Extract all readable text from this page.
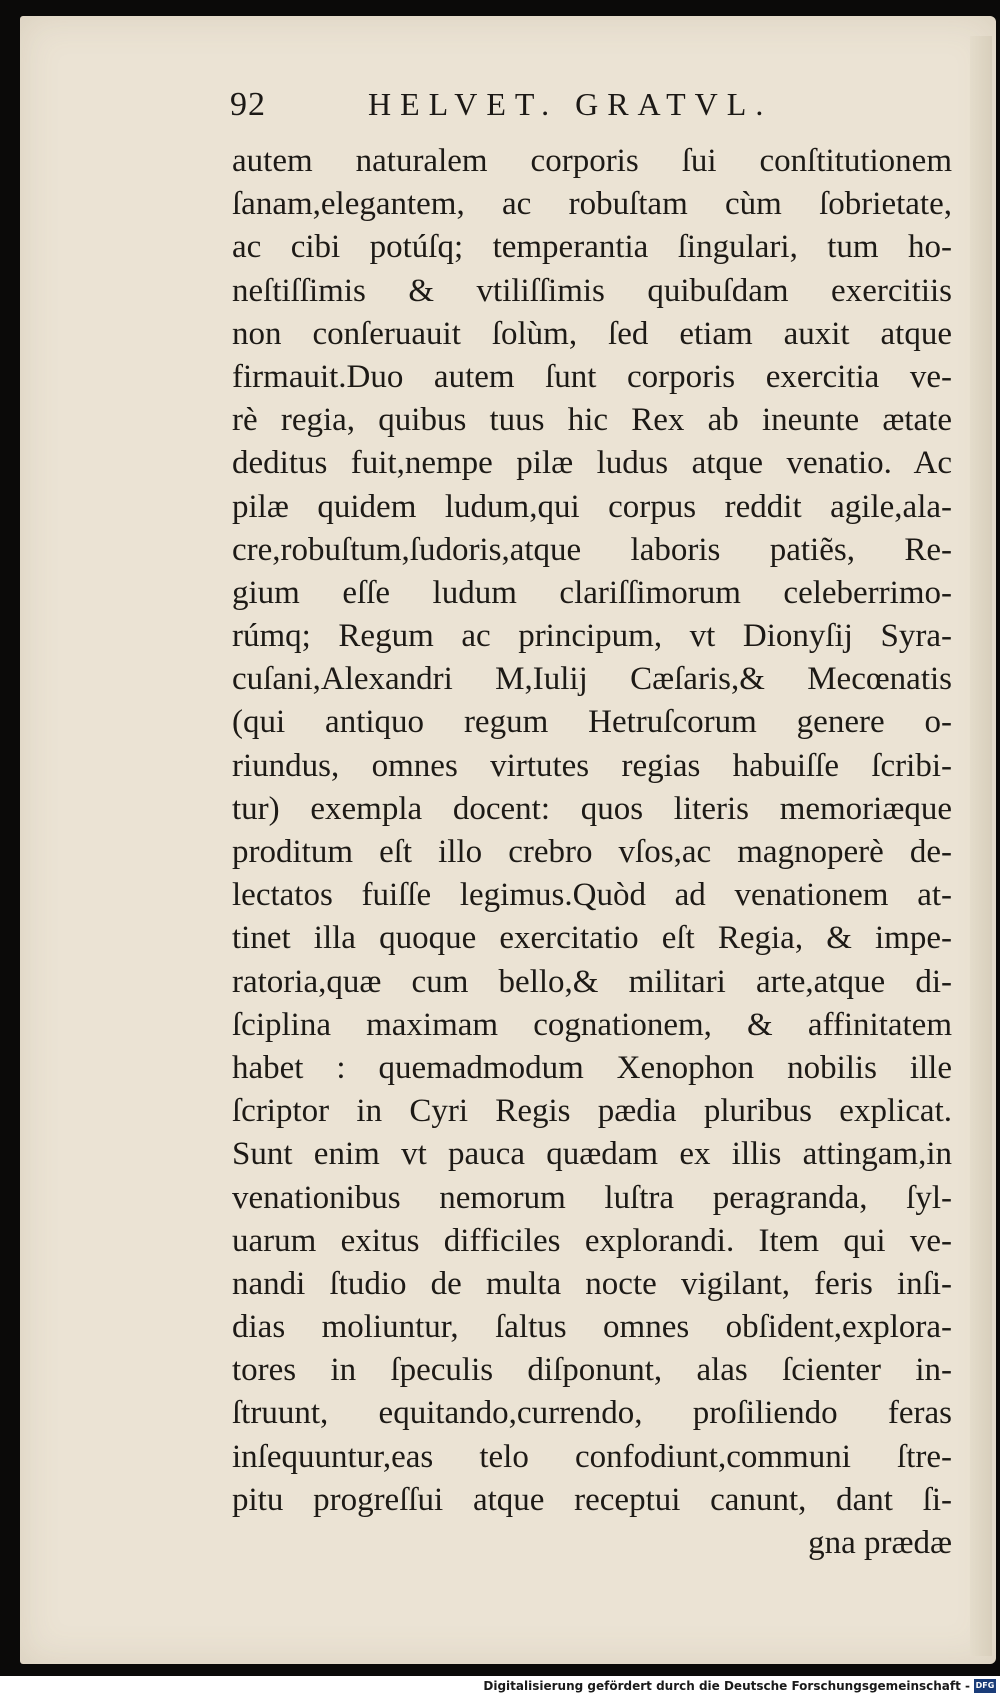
92	HELVET. GRATVL.
autem naturalem corporis ſui conſtitutionem
ſanam,elegantem, ac robuſtam cùm ſobrietate,
ac cibi potúſq; temperantia ſingulari, tum ho-
neſtiſſimis & vtiliſſimis quibuſdam exercitiis
non conſeruauit ſolùm, ſed etiam auxit atque
firmauit.Duo autem ſunt corporis exercitia ve-
rè regia, quibus tuus hic Rex ab ineunte ætate
deditus fuit,nempe pilæ ludus atque venatio. Ac
pilæ quidem ludum,qui corpus reddit agile,ala-
cre,robuſtum,ſudoris,atque laboris patiẽs, Re-
gium eſſe ludum clariſſimorum celeberrimo-
rúmq; Regum ac principum, vt Dionyſij Syra-
cuſani,Alexandri M,Iulij Cæſaris,& Mecœnatis
(qui antiquo regum Hetruſcorum genere o-
riundus, omnes virtutes regias habuiſſe ſcribi-
tur) exempla docent: quos literis memoriæque
proditum eſt illo crebro vſos,ac magnoperè de-
lectatos fuiſſe legimus.Quòd ad venationem at-
tinet illa quoque exercitatio eſt Regia, & impe-
ratoria,quæ cum bello,& militari arte,atque di-
ſciplina maximam cognationem, & affinitatem
habet : quemadmodum Xenophon nobilis ille
ſcriptor in Cyri Regis pædia pluribus explicat.
Sunt enim vt pauca quædam ex illis attingam,in
venationibus nemorum luſtra peragranda, ſyl-
uarum exitus difficiles explorandi. Item qui ve-
nandi ſtudio de multa nocte vigilant, feris inſi-
dias moliuntur, ſaltus omnes obſident,explora-
tores in ſpeculis diſponunt, alas ſcienter in-
ſtruunt, equitando,currendo, proſiliendo feras
inſequuntur,eas telo confodiunt,communi ſtre-
pitu progreſſui atque receptui canunt, dant ſi-
gna prædæ
Digitalisierung gefördert durch die Deutsche Forschungsgemeinschaft - DFG
